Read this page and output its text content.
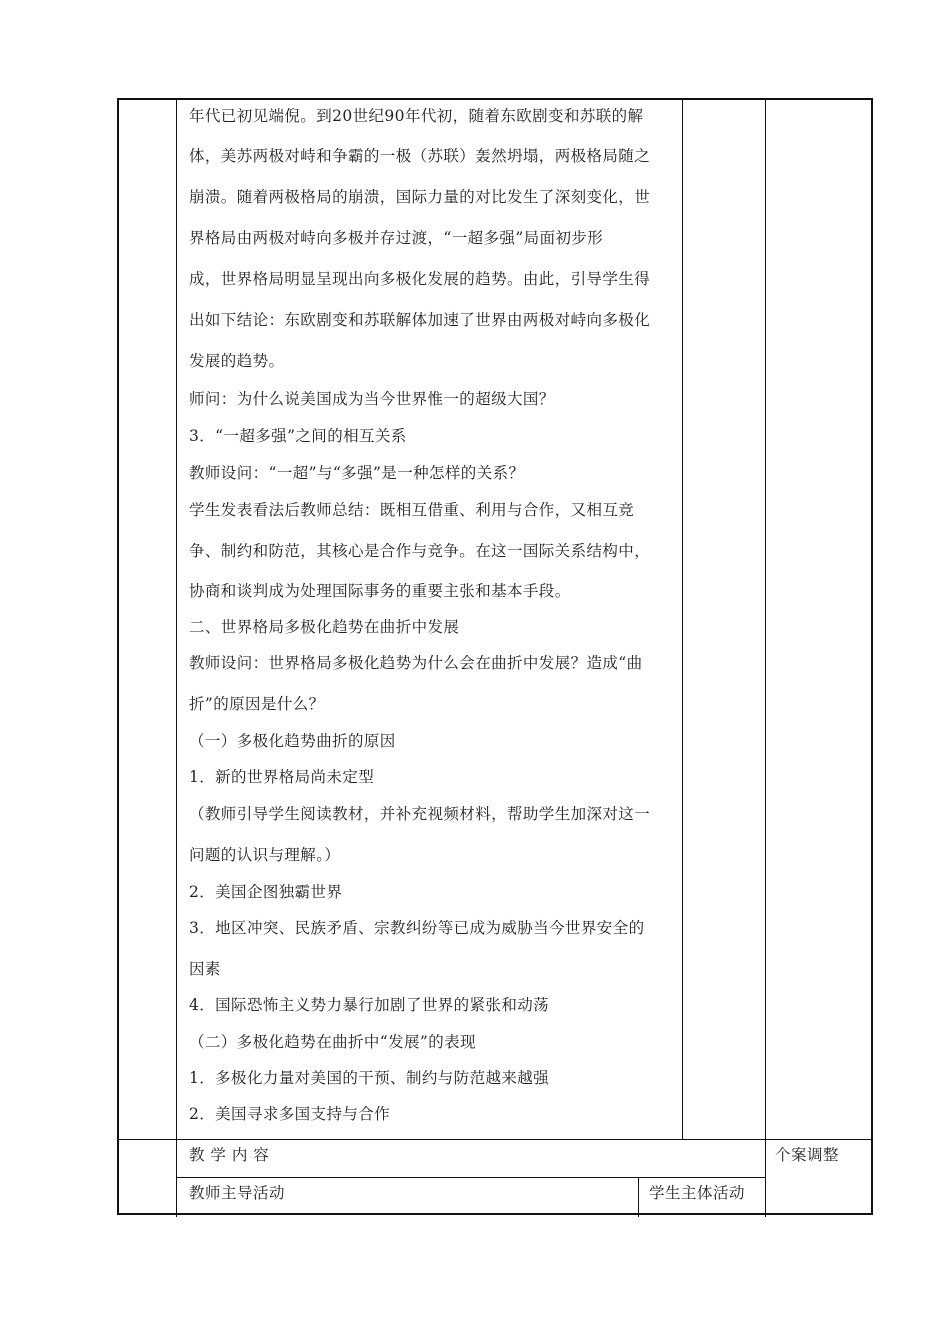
年代已初见端倪。到20世纪90年代初，随着东欧剧变和苏联的解
体，美苏两极对峙和争霸的一极（苏联）轰然坍塌，两极格局随之
崩溃。随着两极格局的崩溃，国际力量的对比发生了深刻变化，世
界格局由两极对峙向多极并存过渡，“一超多强”局面初步形
成，世界格局明显呈现出向多极化发展的趋势。由此，引导学生得
出如下结论：东欧剧变和苏联解体加速了世界由两极对峙向多极化
发展的趋势。
师问：为什么说美国成为当今世界惟一的超级大国？
3．“一超多强”之间的相互关系
教师设问：“一超”与“多强”是一种怎样的关系？
学生发表看法后教师总结：既相互借重、利用与合作，又相互竞
争、制约和防范，其核心是合作与竞争。在这一国际关系结构中，
协商和谈判成为处理国际事务的重要主张和基本手段。
二、世界格局多极化趋势在曲折中发展
教师设问：世界格局多极化趋势为什么会在曲折中发展？造成“曲
折”的原因是什么？
（一）多极化趋势曲折的原因
1．新的世界格局尚未定型
（教师引导学生阅读教材，并补充视频材料，帮助学生加深对这一
问题的认识与理解。）
2．美国企图独霸世界
3．地区冲突、民族矛盾、宗教纠纷等已成为威胁当今世界安全的
因素
4．国际恐怖主义势力暴行加剧了世界的紧张和动荡
（二）多极化趋势在曲折中“发展”的表现
1．多极化力量对美国的干预、制约与防范越来越强
2．美国寻求多国支持与合作
教 学 内 容	个案调整
教师主导活动	学生主体活动
